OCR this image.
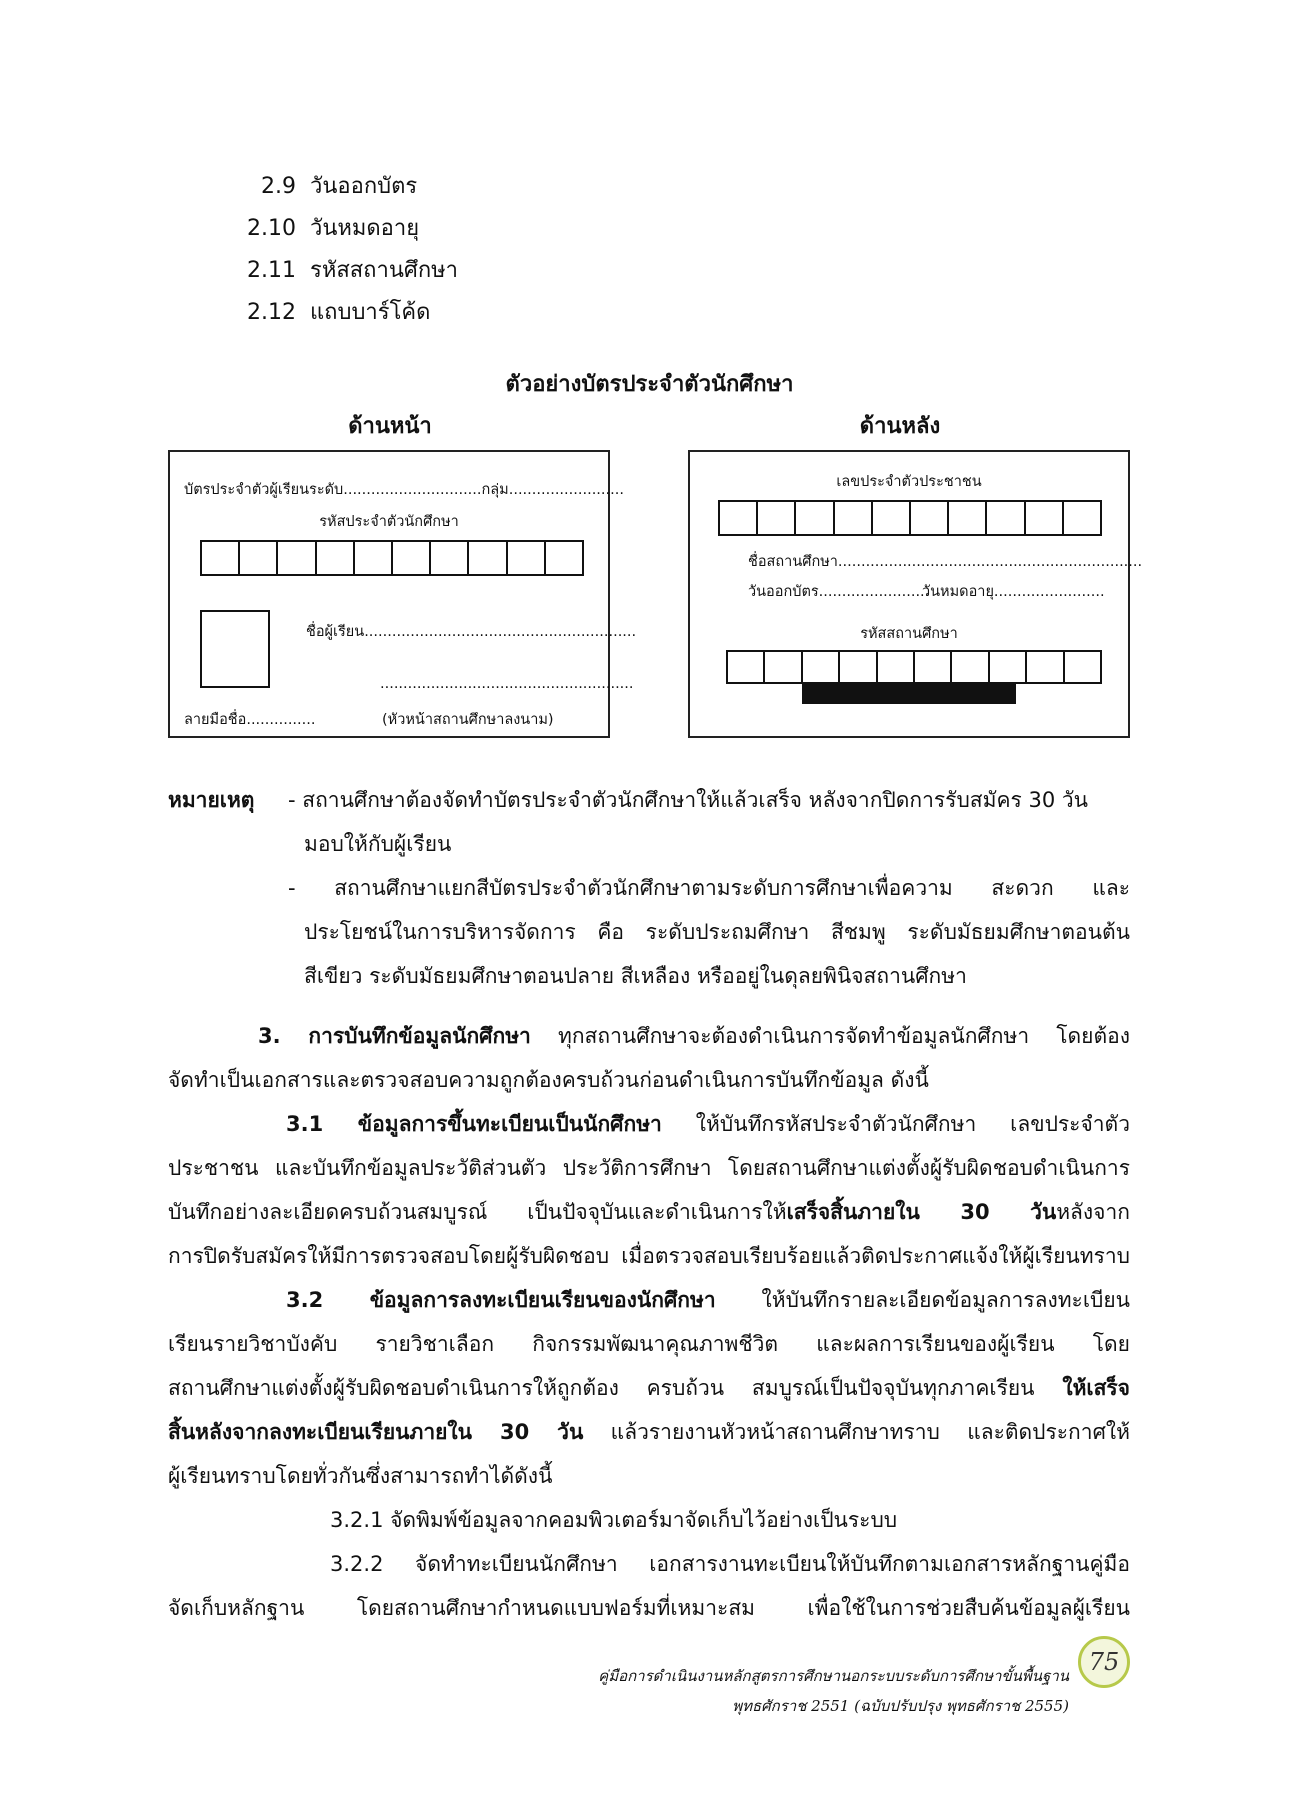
2.9 วันออกบัตร
2.10 วันหมดอายุ
2.11 รหัสสถานศึกษา
2.12 แถบบาร์โค้ด
ตัวอย่างบัตรประจำตัวนักศึกษา
ด้านหน้า	ด้านหลัง
บัตรประจำตัวผู้เรียนระดับ..............................กลุ่ม.........................
รหัสประจำตัวนักศึกษา
ชื่อผู้เรียน...........................................................
.......................................................
ลายมือชื่อ...............	(หัวหน้าสถานศึกษาลงนาม)
เลขประจำตัวประชาชน
ชื่อสถานศึกษา..................................................................
วันออกบัตร........................
วันหมดอายุ........................
รหัสสถานศึกษา
หมายเหตุ - สถานศึกษาต้องจัดทำบัตรประจำตัวนักศึกษาให้แล้วเสร็จ หลังจากปิดการรับสมัคร 30 วัน
มอบให้กับผู้เรียน
- สถานศึกษาแยกสีบัตรประจำตัวนักศึกษาตามระดับการศึกษาเพื่อความ สะดวก และ
ประโยชน์ในการบริหารจัดการ คือ ระดับประถมศึกษา สีชมพู ระดับมัธยมศึกษาตอนต้น
สีเขียว ระดับมัธยมศึกษาตอนปลาย สีเหลือง หรืออยู่ในดุลยพินิจสถานศึกษา

3. การบันทึกข้อมูลนักศึกษา ทุกสถานศึกษาจะต้องดำเนินการจัดทำข้อมูลนักศึกษา โดยต้อง

จัดทำเป็นเอกสารและตรวจสอบความถูกต้องครบถ้วนก่อนดำเนินการบันทึกข้อมูล ดังนี้

3.1 ข้อมูลการขึ้นทะเบียนเป็นนักศึกษา ให้บันทึกรหัสประจำตัวนักศึกษา เลขประจำตัว

ประชาชน และบันทึกข้อมูลประวัติส่วนตัว ประวัติการศึกษา โดยสถานศึกษาแต่งตั้งผู้รับผิดชอบดำเนินการ

บันทึกอย่างละเอียดครบถ้วนสมบูรณ์ เป็นปัจจุบันและดำเนินการให้เสร็จสิ้นภายใน 30 วันหลังจาก

การปิดรับสมัครให้มีการตรวจสอบโดยผู้รับผิดชอบ เมื่อตรวจสอบเรียบร้อยแล้วติดประกาศแจ้งให้ผู้เรียนทราบ

3.2 ข้อมูลการลงทะเบียนเรียนของนักศึกษา ให้บันทึกรายละเอียดข้อมูลการลงทะเบียน

เรียนรายวิชาบังคับ รายวิชาเลือก กิจกรรมพัฒนาคุณภาพชีวิต และผลการเรียนของผู้เรียน โดย

สถานศึกษาแต่งตั้งผู้รับผิดชอบดำเนินการให้ถูกต้อง ครบถ้วน สมบูรณ์เป็นปัจจุบันทุกภาคเรียน ให้เสร็จ

สิ้นหลังจากลงทะเบียนเรียนภายใน 30 วัน แล้วรายงานหัวหน้าสถานศึกษาทราบ และติดประกาศให้

ผู้เรียนทราบโดยทั่วกันซึ่งสามารถทำได้ดังนี้

3.2.1 จัดพิมพ์ข้อมูลจากคอมพิวเตอร์มาจัดเก็บไว้อย่างเป็นระบบ

3.2.2 จัดทำทะเบียนนักศึกษา เอกสารงานทะเบียนให้บันทึกตามเอกสารหลักฐานคู่มือ

จัดเก็บหลักฐาน โดยสถานศึกษากำหนดแบบฟอร์มที่เหมาะสม เพื่อใช้ในการช่วยสืบค้นข้อมูลผู้เรียน

คู่มือการดำเนินงานหลักสูตรการศึกษานอกระบบระดับการศึกษาขั้นพื้นฐาน
พุทธศักราช 2551 (ฉบับปรับปรุง พุทธศักราช 2555)
75
